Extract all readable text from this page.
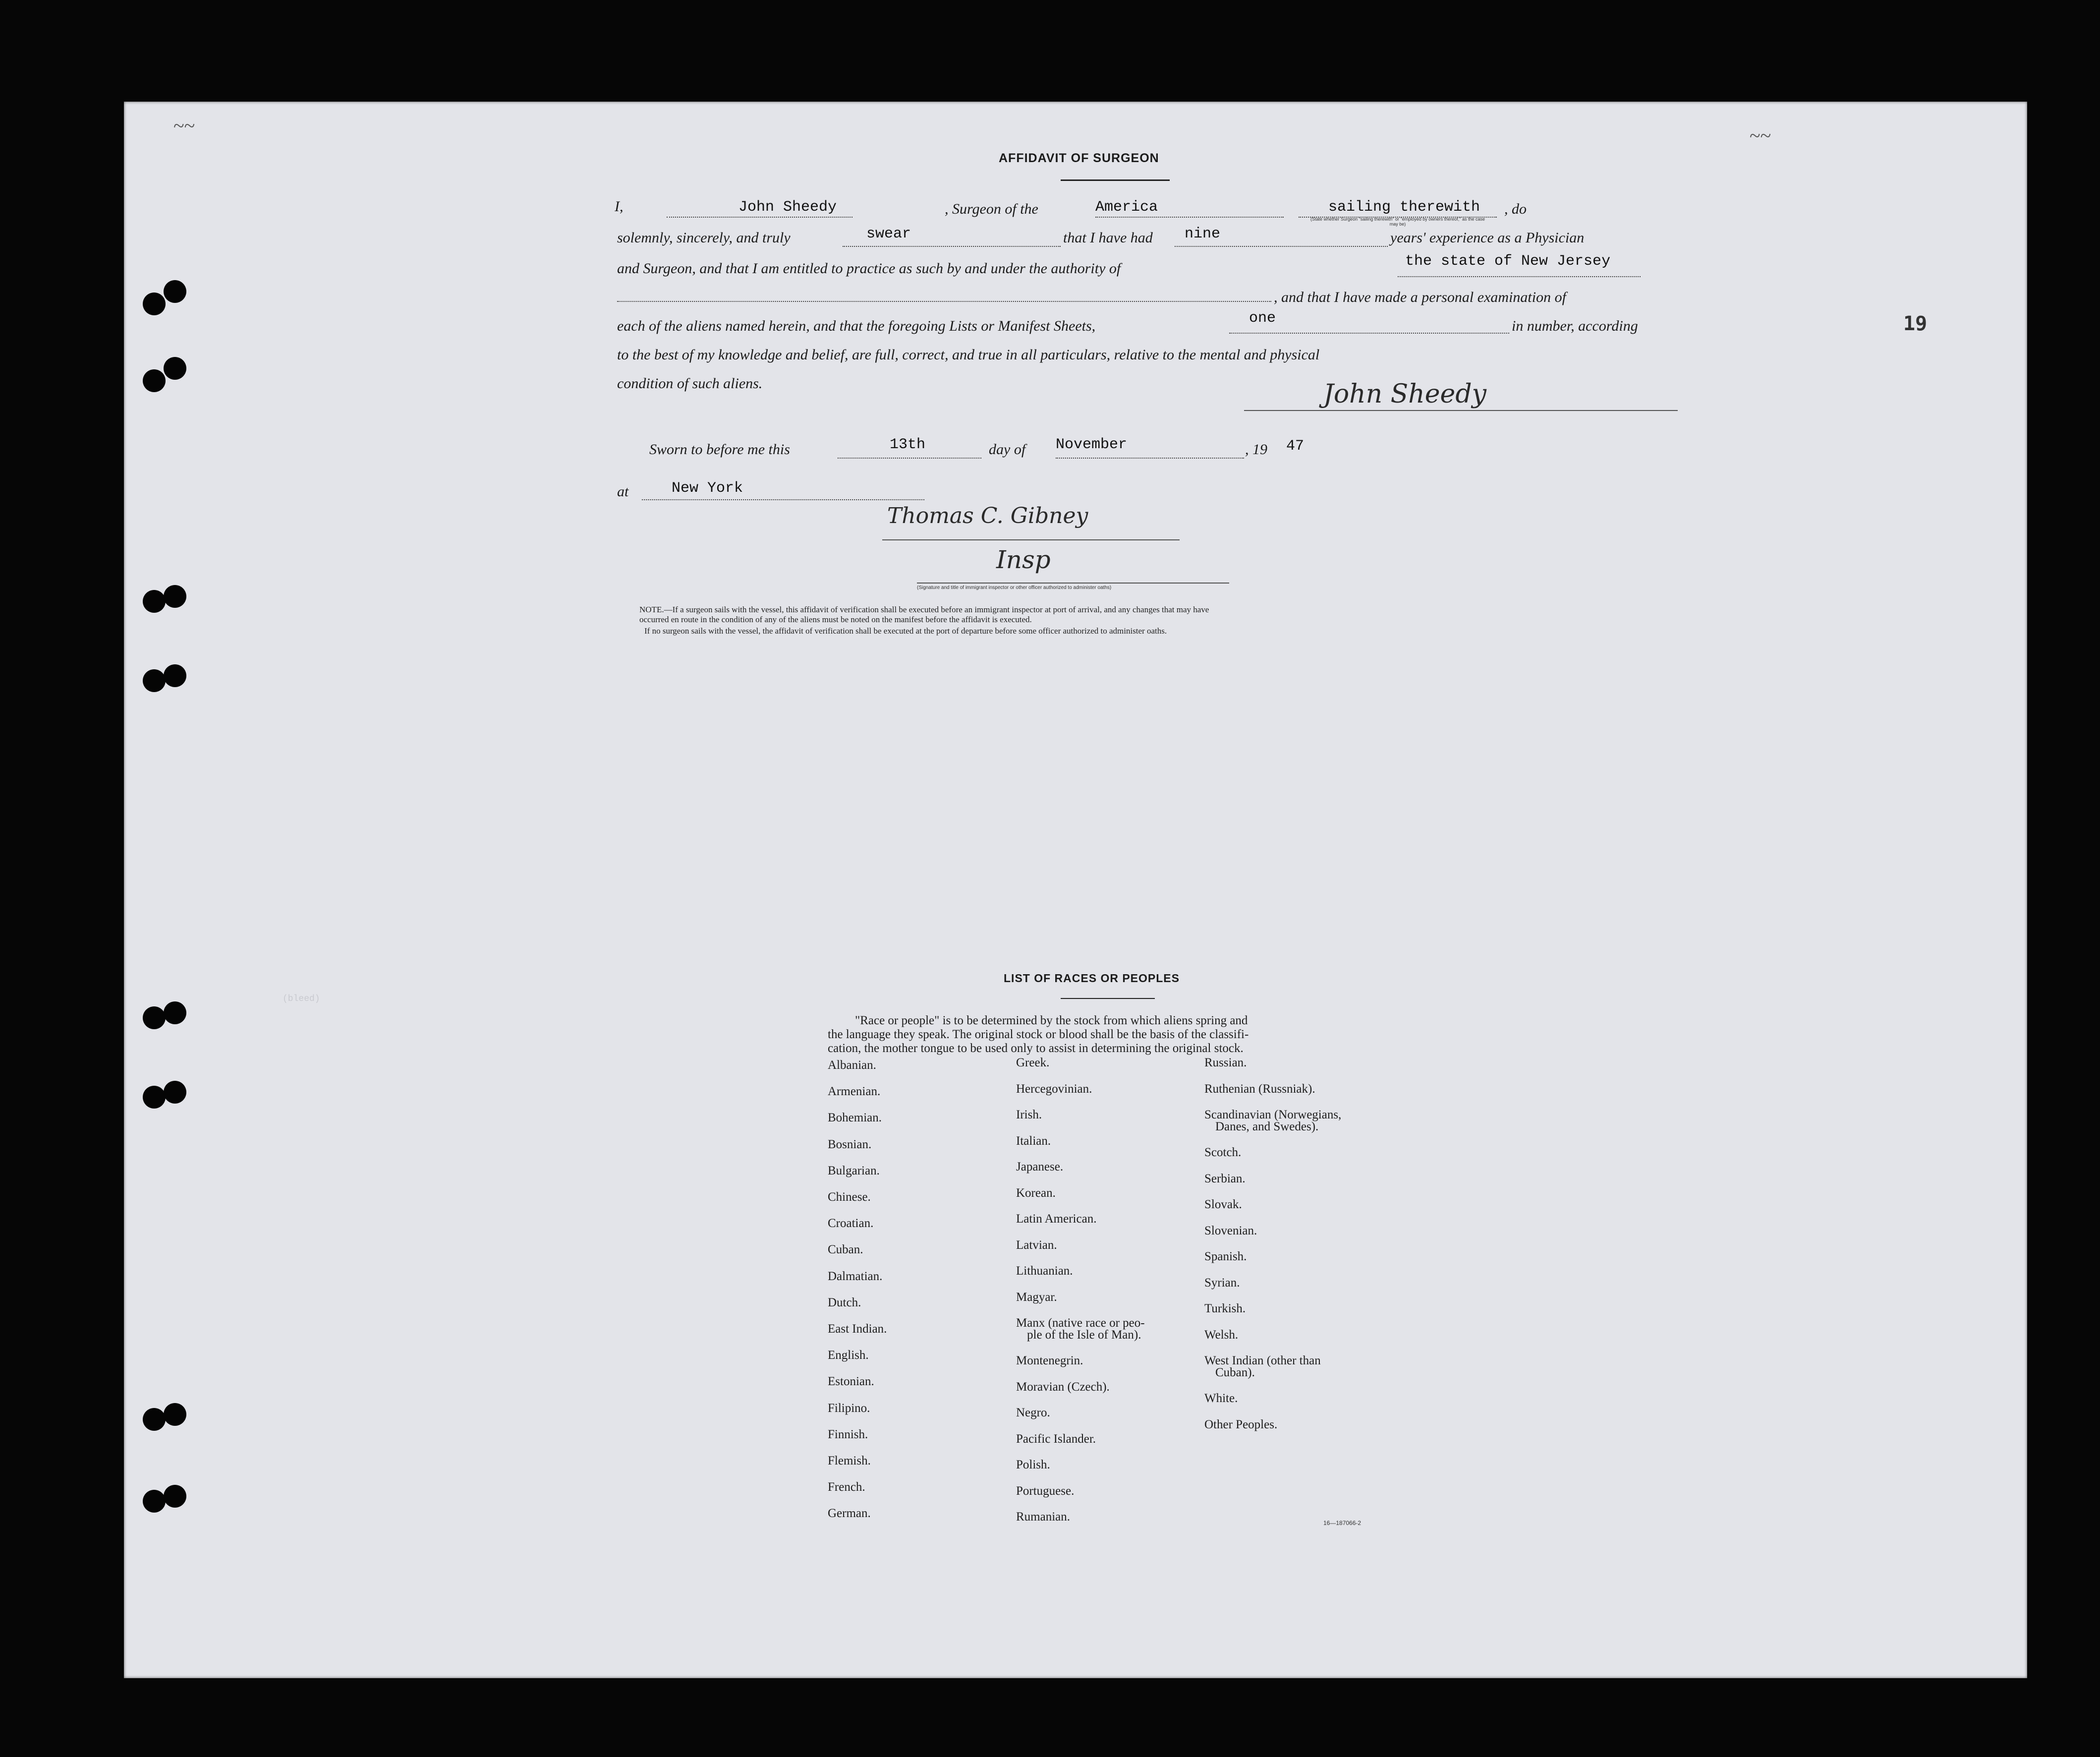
~~	~~
19
(bleed)
AFFIDAVIT OF SURGEON
I,	John Sheedy	, Surgeon of the	America	sailing therewith , do
(State whether Surgeon "sailing therewith" or "employed by owners thereof," as the case may be)
solemnly, sincerely, and truly	swear	that I have had nine	years' experience as a Physician
and Surgeon, and that I am entitled to practice as such by and under the authority of	the state of New Jersey
, and that I have made a personal examination of
each of the aliens named herein, and that the foregoing Lists or Manifest Sheets,	one	in number, according
to the best of my knowledge and belief, are full, correct, and true in all particulars, relative to the mental and physical
condition of such aliens.	John Sheedy
Sworn to before me this	13th	day of November	, 19 47
at	New York
Thomas C. Gibney
Insp
(Signature and title of immigrant inspector or other officer authorized to administer oaths)
NOTE.—If a surgeon sails with the vessel, this affidavit of verification shall be executed before an immigrant inspector at port of arrival, and any changes that may have
occurred en route in the condition of any of the aliens must be noted on the manifest before the affidavit is executed.
If no surgeon sails with the vessel, the affidavit of verification shall be executed at the port of departure before some officer authorized to administer oaths.
LIST OF RACES OR PEOPLES
"Race or people" is to be determined by the stock from which aliens spring and
the language they speak. The original stock or blood shall be the basis of the classifi-
cation, the mother tongue to be used only to assist in determining the original stock.
Albanian.
Armenian.
Bohemian.
Bosnian.
Bulgarian.
Chinese.
Croatian.
Cuban.
Dalmatian.
Dutch.
East Indian.
English.
Estonian.
Filipino.
Finnish.
Flemish.
French.
German.
Greek.
Hercegovinian.
Irish.
Italian.
Japanese.
Korean.
Latin American.
Latvian.
Lithuanian.
Magyar.
Manx (native race or peo-
ple of the Isle of Man).
Montenegrin.
Moravian (Czech).
Negro.
Pacific Islander.
Polish.
Portuguese.
Rumanian.
Russian.
Ruthenian (Russniak).
Scandinavian (Norwegians,
Danes, and Swedes).
Scotch.
Serbian.
Slovak.
Slovenian.
Spanish.
Syrian.
Turkish.
Welsh.
West Indian (other than
Cuban).
White.
Other Peoples.
16—187066-2
